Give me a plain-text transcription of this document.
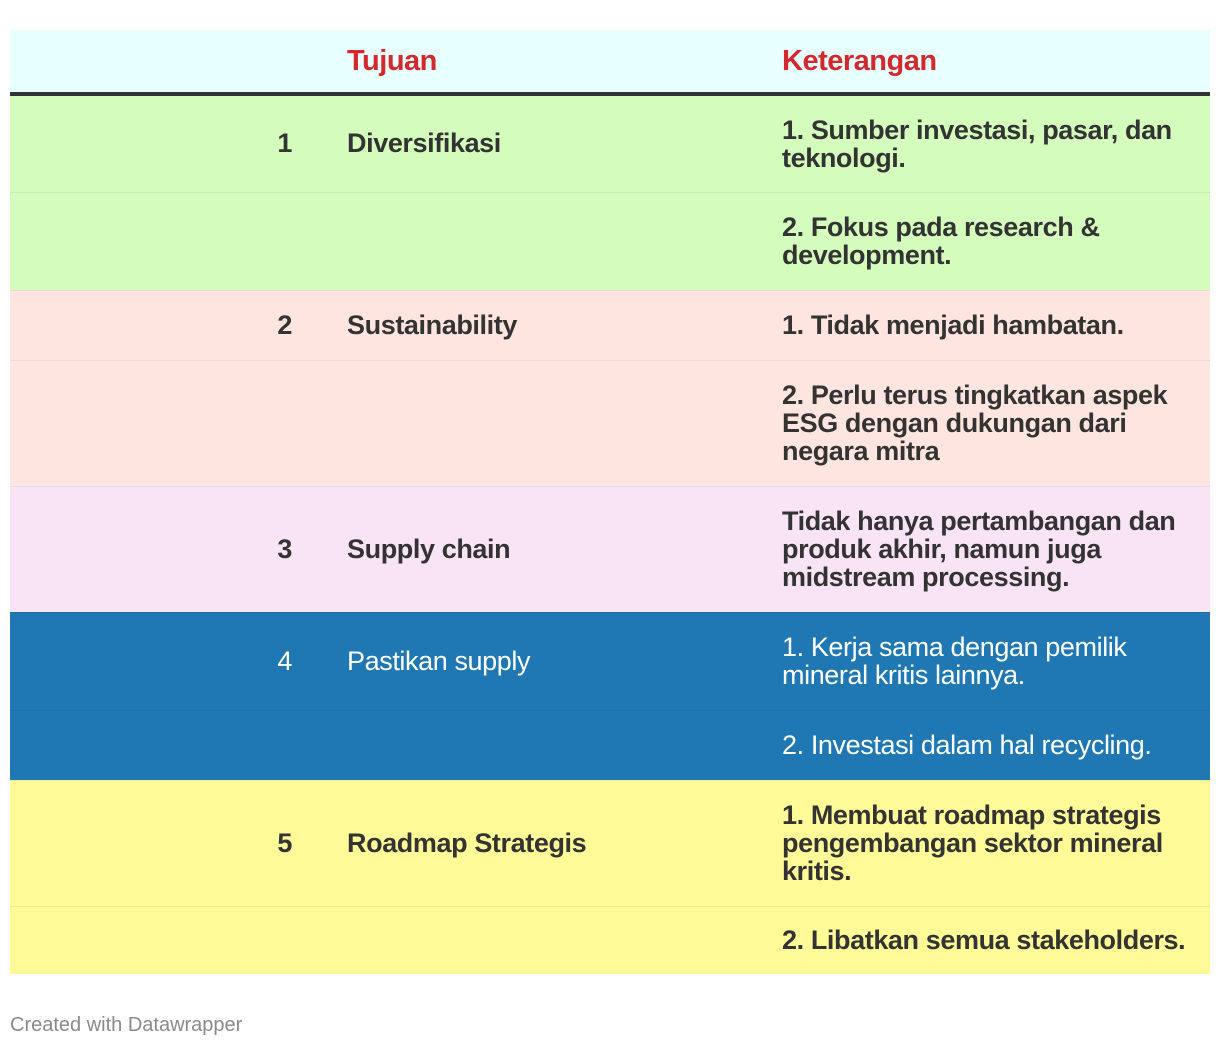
	Tujuan	Keterangan
1	Diversifikasi	1. Sumber investasi, pasar, dan teknologi.
		2. Fokus pada research & development.
2	Sustainability	1. Tidak menjadi hambatan.
		2. Perlu terus tingkatkan aspek ESG dengan dukungan dari negara mitra
3	Supply chain	Tidak hanya pertambangan dan produk akhir, namun juga midstream processing.
4	Pastikan supply	1. Kerja sama dengan pemilik mineral kritis lainnya.
		2. Investasi dalam hal recycling.
5	Roadmap Strategis	1. Membuat roadmap strategis pengembangan sektor mineral kritis.
		2. Libatkan semua stakeholders.
Created with Datawrapper
